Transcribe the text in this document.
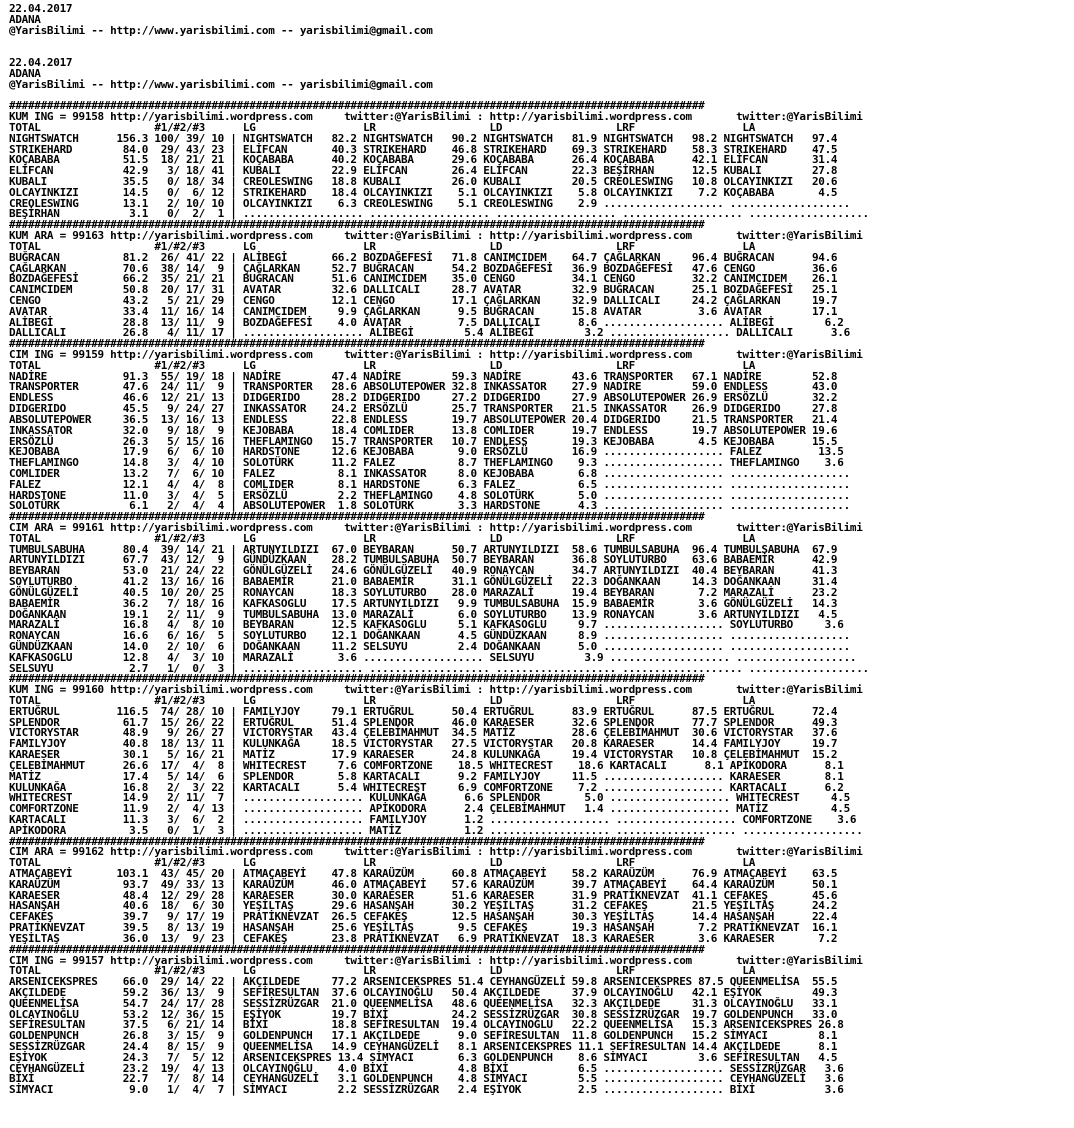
22.04.2017
ADANA
@YarisBilimi -- http://www.yarisbilimi.com -- yarisbilimi@gmail.com

22.04.2017
ADANA
@YarisBilimi -- http://www.yarisbilimi.com -- yarisbilimi@gmail.com

##############################################################################################################
KUM ING = 99158 http://yarisbilimi.wordpress.com     twitter:@YarisBilimi : http://yarisbilimi.wordpress.com       twitter:@YarisBilimi
TOTAL                  #1/#2/#3      LG                 LR                  LD                  LRF                 LA
NIGHTSWATCH      156.3 100/ 39/ 10 | NIGHTSWATCH   82.2 NIGHTSWATCH   90.2 NIGHTSWATCH   81.9 NIGHTSWATCH   98.2 NIGHTSWATCH   97.4
STRIKEHARD        84.0  29/ 43/ 23 | ELİFCAN       40.3 STRIKEHARD    46.8 STRIKEHARD    69.3 STRIKEHARD    58.3 STRIKEHARD    47.5
KOÇABABA          51.5  18/ 21/ 21 | KOÇABABA      40.2 KOÇABABA      29.6 KOÇABABA      26.4 KOÇABABA      42.1 ELİFCAN       31.4
ELİFCAN           42.9   3/ 18/ 41 | KUBALI        22.9 ELİFCAN       26.4 ELİFCAN       22.3 BEŞİRHAN      12.5 KUBALI        27.8
KUBALI            35.5   0/ 18/ 34 | CREOLESWING   18.8 KUBALI        26.0 KUBALI        20.5 CREOLESWING   10.8 OLCAYINKIZI   20.6
OLCAYINKIZI       14.5   0/  6/ 12 | STRIKEHARD    18.4 OLCAYINKIZI    5.1 OLCAYINKIZI    5.8 OLCAYINKIZI    7.2 KOÇABABA       4.5
CREOLESWING       13.1   2/ 10/ 10 | OLCAYINKIZI    6.3 CREOLESWING    5.1 CREOLESWING    2.9 ................... ...................
BEŞİRHAN           3.1   0/  2/  1 | ................... ................... ................... ................... ...................
##############################################################################################################
KUM ARA = 99163 http://yarisbilimi.wordpress.com     twitter:@YarisBilimi : http://yarisbilimi.wordpress.com       twitter:@YarisBilimi
TOTAL                  #1/#2/#3      LG                 LR                  LD                  LRF                 LA
BUĞRACAN          81.2  26/ 41/ 22 | ALİBEGİ       66.2 BOZDAĞEFESİ   71.8 CANIMCIDEM    64.7 ÇAĞLARKAN     96.4 BUĞRACAN      94.6
ÇAĞLARKAN         70.6  38/ 14/  9 | ÇAĞLARKAN     52.7 BUĞRACAN      54.2 BOZDAĞEFESİ   36.9 BOZDAĞEFESİ   47.6 CENGO         36.6
BOZDAĞEFESİ       66.2  35/ 21/ 21 | BUĞRACAN      51.6 CANIMCIDEM    35.0 CENGO         34.1 CENGO         32.2 CANIMCIDEM    26.1
CANIMCIDEM        50.8  20/ 17/ 31 | AVATAR        32.6 DALLICALI     28.7 AVATAR        32.9 BUĞRACAN      25.1 BOZDAĞEFESİ   25.1
CENGO             43.2   5/ 21/ 29 | CENGO         12.1 CENGO         17.1 ÇAĞLARKAN     32.9 DALLICALI     24.2 ÇAĞLARKAN     19.7
AVATAR            33.4  11/ 16/ 14 | CANIMCIDEM     9.9 ÇAĞLARKAN      9.5 BUĞRACAN      15.8 AVATAR         3.6 AVATAR        17.1
ALİBEGİ           28.8  13/ 11/  9 | BOZDAĞEFESİ    4.0 AVATAR         7.5 DALLICALI      8.6 ................... ALİBEGİ        6.2
DALLICALI         26.8   4/ 11/ 17 | ................... ALİBEGİ        5.4 ALİBEGİ        3.2 ................... DALLICALI      3.6
##############################################################################################################
CIM ING = 99159 http://yarisbilimi.wordpress.com     twitter:@YarisBilimi : http://yarisbilimi.wordpress.com       twitter:@YarisBilimi
TOTAL                  #1/#2/#3      LG                 LR                  LD                  LRF                 LA
NADİRE            91.3  55/ 19/ 18 | NADİRE        47.4 NADİRE        59.3 NADİRE        43.6 TRANSPORTER   67.1 NADİRE        52.8
TRANSPORTER       47.6  24/ 11/  9 | TRANSPORTER   28.6 ABSOLUTEPOWER 32.8 INKASSATOR    27.9 NADİRE        59.0 ENDLESS       43.0
ENDLESS           46.6  12/ 21/ 13 | DIDGERIDO     28.2 DIDGERIDO     27.2 DIDGERIDO     27.9 ABSOLUTEPOWER 26.9 ERSÖZLÜ       32.2
DIDGERIDO         45.5   9/ 24/ 27 | INKASSATOR    24.2 ERSÖZLÜ       25.7 TRANSPORTER   21.5 INKASSATOR    26.9 DIDGERIDO     27.8
ABSOLUTEPOWER     36.5  13/ 16/ 13 | ENDLESS       22.8 ENDLESS       19.7 ABSOLUTEPOWER 20.4 DIDGERIDO     21.5 TRANSPORTER   21.4
INKASSATOR        32.0   9/ 18/  9 | KEJOBABA      18.4 COMLIDER      13.8 COMLIDER      19.7 ENDLESS       19.7 ABSOLUTEPOWER 19.6
ERSÖZLÜ           26.3   5/ 15/ 16 | THEFLAMINGO   15.7 TRANSPORTER   10.7 ENDLESS       19.3 KEJOBABA       4.5 KEJOBABA      15.5
KEJOBABA          17.9   6/  6/ 10 | HARDSTONE     12.6 KEJOBABA       9.0 ERSÖZLÜ       16.9 ................... FALEZ         13.5
THEFLAMINGO       14.8   3/  4/ 10 | SOLOTÜRK      11.2 FALEZ          8.7 THEFLAMINGO    9.3 ................... THEFLAMINGO    3.6
COMLIDER          13.2   7/  6/ 10 | FALEZ          8.1 INKASSATOR     8.0 KEJOBABA       6.8 ................... ...................
FALEZ             12.1   4/  4/  8 | COMLIDER       8.1 HARDSTONE      6.3 FALEZ          6.5 ................... ...................
HARDSTONE         11.0   3/  4/  5 | ERSÖZLÜ        2.2 THEFLAMINGO    4.8 SOLOTÜRK       5.0 ................... ...................
SOLOTÜRK           6.1   2/  4/  4 | ABSOLUTEPOWER  1.8 SOLOTÜRK       3.3 HARDSTONE      4.3 ................... ...................
##############################################################################################################
CIM ARA = 99161 http://yarisbilimi.wordpress.com     twitter:@YarisBilimi : http://yarisbilimi.wordpress.com       twitter:@YarisBilimi
TOTAL                  #1/#2/#3      LG                 LR                  LD                  LRF                 LA
TUMBULSABUHA      80.4  39/ 14/ 21 | ARTUNYILDIZI  67.0 BEYBARAN      50.7 ARTUNYILDIZI  58.6 TUMBULSABUHA  96.4 TUMBULSABUHA  67.9
ARTUNYILDIZI      67.7  43/ 12/  9 | GÜNDÜZKAAN    28.2 TUMBULSABUHA  50.7 BEYBARAN      36.8 SOYLUTURBO    63.6 BABAEMİR      42.9
BEYBARAN          53.0  21/ 24/ 22 | GÖNÜLGÜZELİ   24.6 GÖNÜLGÜZELİ   40.9 RONAYCAN      34.7 ARTUNYILDIZI  40.4 BEYBARAN      41.3
SOYLUTURBO        41.2  13/ 16/ 16 | BABAEMİR      21.0 BABAEMİR      31.1 GÖNÜLGÜZELİ   22.3 DOĞANKAAN     14.3 DOĞANKAAN     31.4
GÖNÜLGÜZELİ       40.5  10/ 20/ 25 | RONAYCAN      18.3 SOYLUTURBO    28.0 MARAZALİ      19.4 BEYBARAN       7.2 MARAZALİ      23.2
BABAEMİR          36.2   7/ 18/ 16 | KAFKASOGLU    17.5 ARTUNYILDIZI   9.9 TUMBULSABUHA  15.9 BABAEMİR       3.6 GÖNÜLGÜZELİ   14.3
DOĞANKAAN         19.1   2/ 11/  9 | TUMBULSABUHA  13.0 MARAZALİ       6.0 SOYLUTURBO    13.9 RONAYCAN       3.6 ARTUNYILDIZI   4.5
MARAZALİ          16.8   4/  8/ 10 | BEYBARAN      12.5 KAFKASOGLU     5.1 KAFKASOGLU     9.7 ................... SOYLUTURBO     3.6
RONAYCAN          16.6   6/ 16/  5 | SOYLUTURBO    12.1 DOĞANKAAN      4.5 GÜNDÜZKAAN     8.9 ................... ...................
GÜNDÜZKAAN        14.0   2/ 10/  6 | DOĞANKAAN     11.2 SELSUYU        2.4 DOĞANKAAN      5.0 ................... ...................
KAFKASOGLU        12.8   4/  3/ 10 | MARAZALİ       3.6 ................... SELSUYU        3.9 ................... ...................
SELSUYU            2.7   1/  0/  3 | ................... ................... ................... ................... ...................
##############################################################################################################
KUM ING = 99160 http://yarisbilimi.wordpress.com     twitter:@YarisBilimi : http://yarisbilimi.wordpress.com       twitter:@YarisBilimi
TOTAL                  #1/#2/#3      LG                 LR                  LD                  LRF                 LA
ERTUĞRUL         116.5  74/ 28/ 10 | FAMILYJOY     79.1 ERTUĞRUL      50.4 ERTUĞRUL      83.9 ERTUĞRUL      87.5 ERTUĞRUL      72.4
SPLENDOR          61.7  15/ 26/ 22 | ERTUĞRUL      51.4 SPLENDOR      46.0 KARAESER      32.6 SPLENDOR      77.7 SPLENDOR      49.3
VICTORYSTAR       48.9   9/ 26/ 27 | VICTORYSTAR   43.4 ÇELEBİMAHMUT  34.5 MATİZ         28.6 ÇELEBİMAHMUT  30.6 VICTORYSTAR   37.6
FAMILYJOY         40.8  18/ 13/ 11 | KULUNKAĞA     18.5 VICTORYSTAR   27.5 VICTORYSTAR   20.8 KARAESER      14.4 FAMILYJOY     19.7
KARAESER          30.1   5/ 16/ 21 | MATİZ         17.9 KARAESER      24.8 KULUNKAĞA     19.4 VICTORYSTAR   10.8 ÇELEBİMAHMUT  15.2
ÇELEBİMAHMUT      26.6  17/  4/  8 | WHITECREST     7.6 COMFORTZONE    18.5 WHITECREST    18.6 KARTACALI      8.1 APİKODORA      8.1
MATİZ             17.4   5/ 14/  6 | SPLENDOR       5.8 KARTACALI      9.2 FAMILYJOY     11.5 ................... KARAESER       8.1
KULUNKAĞA         16.8   2/  3/ 22 | KARTACALI      5.4 WHITECREST     6.9 COMFORTZONE    7.2 ................... KARTACALI      6.2
WHITECREST        14.9   2/ 11/  7 | ................... KULUNKAĞA      6.6 SPLENDOR       5.0 ................... WHITECREST     4.5
COMFORTZONE       11.9   2/  4/ 13 | ................... APİKODORA      2.4 ÇELEBİMAHMUT   1.4 ................... MATİZ          4.5
KARTACALI         11.3   3/  6/  2 | ................... FAMILYJOY      1.2 ................... ................... COMFORTZONE    3.6
APİKODORA          3.5   0/  1/  3 | ................... MATİZ          1.2 ................... ................... ...................
##############################################################################################################
CIM ARA = 99162 http://yarisbilimi.wordpress.com     twitter:@YarisBilimi : http://yarisbilimi.wordpress.com       twitter:@YarisBilimi
TOTAL                  #1/#2/#3      LG                 LR                  LD                  LRF                 LA
ATMAÇABEYİ       103.1  43/ 45/ 20 | ATMAÇABEYİ    47.8 KARAÜZÜM      60.8 ATMAÇABEYİ    58.2 KARAÜZÜM      76.9 ATMAÇABEYİ    63.5
KARAÜZÜM          93.7  49/ 33/ 13 | KARAÜZÜM      46.0 ATMAÇABEYİ    57.6 KARAÜZÜM      39.7 ATMAÇABEYİ    64.4 KARAÜZÜM      50.1
KARAESER          48.4  12/ 29/ 28 | KARAESER      30.0 KARAESER      51.6 KARAESER      31.9 PRATİKNEVZAT  41.1 CEFAKEŞ       45.6
HASANŞAH          40.6  18/  6/ 30 | YEŞİLTAŞ      29.6 HASANŞAH      30.2 YEŞİLTAŞ      31.2 CEFAKEŞ       21.5 YEŞİLTAŞ      24.2
CEFAKEŞ           39.7   9/ 17/ 19 | PRATİKNEVZAT  26.5 CEFAKEŞ       12.5 HASANŞAH      30.3 YEŞİLTAŞ      14.4 HASANŞAH      22.4
PRATİKNEVZAT      39.5   8/ 13/ 19 | HASANŞAH      25.6 YEŞİLTAŞ       9.5 CEFAKEŞ       19.3 HASANŞAH       7.2 PRATİKNEVZAT  16.1
YEŞİLTAŞ          36.0  13/  9/ 23 | CEFAKEŞ       23.8 PRATİKNEVZAT   6.9 PRATİKNEVZAT  18.3 KARAESER       3.6 KARAESER       7.2
##############################################################################################################
CIM ING = 99157 http://yarisbilimi.wordpress.com     twitter:@YarisBilimi : http://yarisbilimi.wordpress.com       twitter:@YarisBilimi
TOTAL                  #1/#2/#3      LG                 LR                  LD                  LRF                 LA
ARSENICEKSPRES    66.0  29/ 14/ 22 | AKÇILDEDE     77.2 ARSENICEKSPRES 51.4 CEYHANGÜZELİ 59.8 ARSENICEKSPRES 87.5 QUEENMELİSA  55.5
AKÇILDEDE         59.2  36/ 13/  9 | SEFİRESULTAN  37.6 OLCAYINOĞLU   50.4 AKÇILDEDE     37.9 OLCAYINOĞLU   42.1 EŞİYOK        49.3
QUEENMELİSA       54.7  24/ 17/ 28 | SESSİZRÜZGAR  21.0 QUEENMELİSA   48.6 QUEENMELİSA   32.3 AKÇILDEDE     31.3 OLCAYINOĞLU   33.1
OLCAYINOĞLU       53.2  12/ 36/ 15 | EŞİYOK        19.7 BİXİ          24.2 SESSİZRÜZGAR  30.8 SESSİZRÜZGAR  19.7 GOLDENPUNCH   33.0
SEFİRESULTAN      37.5   6/ 21/ 14 | BİXİ          18.8 SEFİRESULTAN  19.4 OLCAYINOĞLU   22.2 QUEENMELİSA   15.3 ARSENICEKSPRES 26.8
GOLDENPUNCH       26.8   3/ 15/  9 | GOLDENPUNCH   17.1 AKÇILDEDE      9.0 SEFİRESULTAN  11.8 GOLDENPUNCH   15.2 SİMYACI        8.1
SESSİZRÜZGAR      24.4   8/ 15/  9 | QUEENMELİSA   14.9 CEYHANGÜZELİ   8.1 ARSENICEKSPRES 11.1 SEFİRESULTAN 14.4 AKÇILDEDE      8.1
EŞİYOK            24.3   7/  5/ 12 | ARSENICEKSPRES 13.4 SİMYACI       6.3 GOLDENPUNCH    8.6 SİMYACI        3.6 SEFİRESULTAN   4.5
CEYHANGÜZELİ      23.2  19/  4/ 13 | OLCAYINOĞLU    4.0 BİXİ           4.8 BİXİ           6.5 ................... SESSİZRÜZGAR   3.6
BİXİ              22.7   7/  8/ 14 | CEYHANGÜZELİ   3.1 GOLDENPUNCH    4.8 SİMYACI        5.5 ................... CEYHANGÜZELİ   3.6
SİMYACI            9.0   1/  4/  7 | SİMYACI        2.2 SESSİZRÜZGAR   2.4 EŞİYOK         2.5 ................... BİXİ           3.6
